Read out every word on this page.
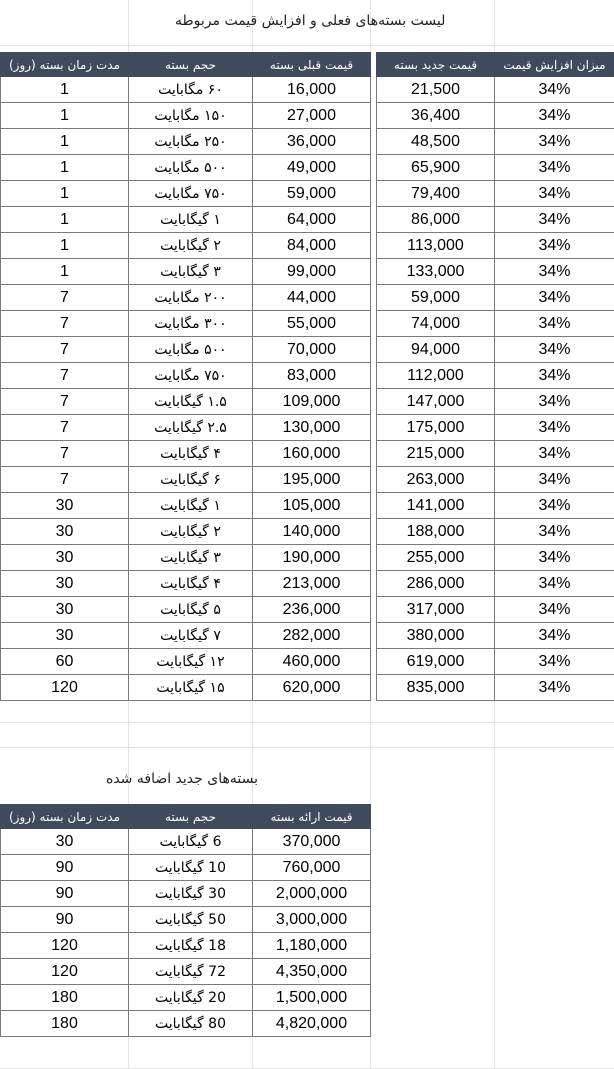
لیست بسته‌های فعلی و افزایش قیمت مربوطه
مدت زمان بسته (روز)	حجم بسته	قیمت قبلی بسته		قیمت جدید بسته	میزان افزایش قیمت
1	۶۰ مگابایت	16,000		21,500	34%
1	۱۵۰ مگابایت	27,000		36,400	34%
1	۲۵۰ مگابایت	36,000		48,500	34%
1	۵۰۰ مگابایت	49,000		65,900	34%
1	۷۵۰ مگابایت	59,000		79,400	34%
1	۱ گیگابایت	64,000		86,000	34%
1	۲ گیگابایت	84,000		113,000	34%
1	۳ گیگابایت	99,000		133,000	34%
7	۲۰۰ مگابایت	44,000		59,000	34%
7	۳۰۰ مگابایت	55,000		74,000	34%
7	۵۰۰ مگابایت	70,000		94,000	34%
7	۷۵۰ مگابایت	83,000		112,000	34%
7	۱.۵ گیگابایت	109,000		147,000	34%
7	۲.۵ گیگابایت	130,000		175,000	34%
7	۴ گیگابایت	160,000		215,000	34%
7	۶ گیگابایت	195,000		263,000	34%
30	۱ گیگابایت	105,000		141,000	34%
30	۲ گیگابایت	140,000		188,000	34%
30	۳ گیگابایت	190,000		255,000	34%
30	۴ گیگابایت	213,000		286,000	34%
30	۵ گیگابایت	236,000		317,000	34%
30	۷ گیگابایت	282,000		380,000	34%
60	۱۲ گیگابایت	460,000		619,000	34%
120	۱۵ گیگابایت	620,000		835,000	34%
بسته‌های جدید اضافه شده
مدت زمان بسته (روز)	حجم بسته	قیمت ارائه بسته
30	6 گیگابایت	370,000
90	10 گیگابایت	760,000
90	30 گیگابایت	2,000,000
90	50 گیگابایت	3,000,000
120	18 گیگابایت	1,180,000
120	72 گیگابایت	4,350,000
180	20 گیگابایت	1,500,000
180	80 گیگابایت	4,820,000
